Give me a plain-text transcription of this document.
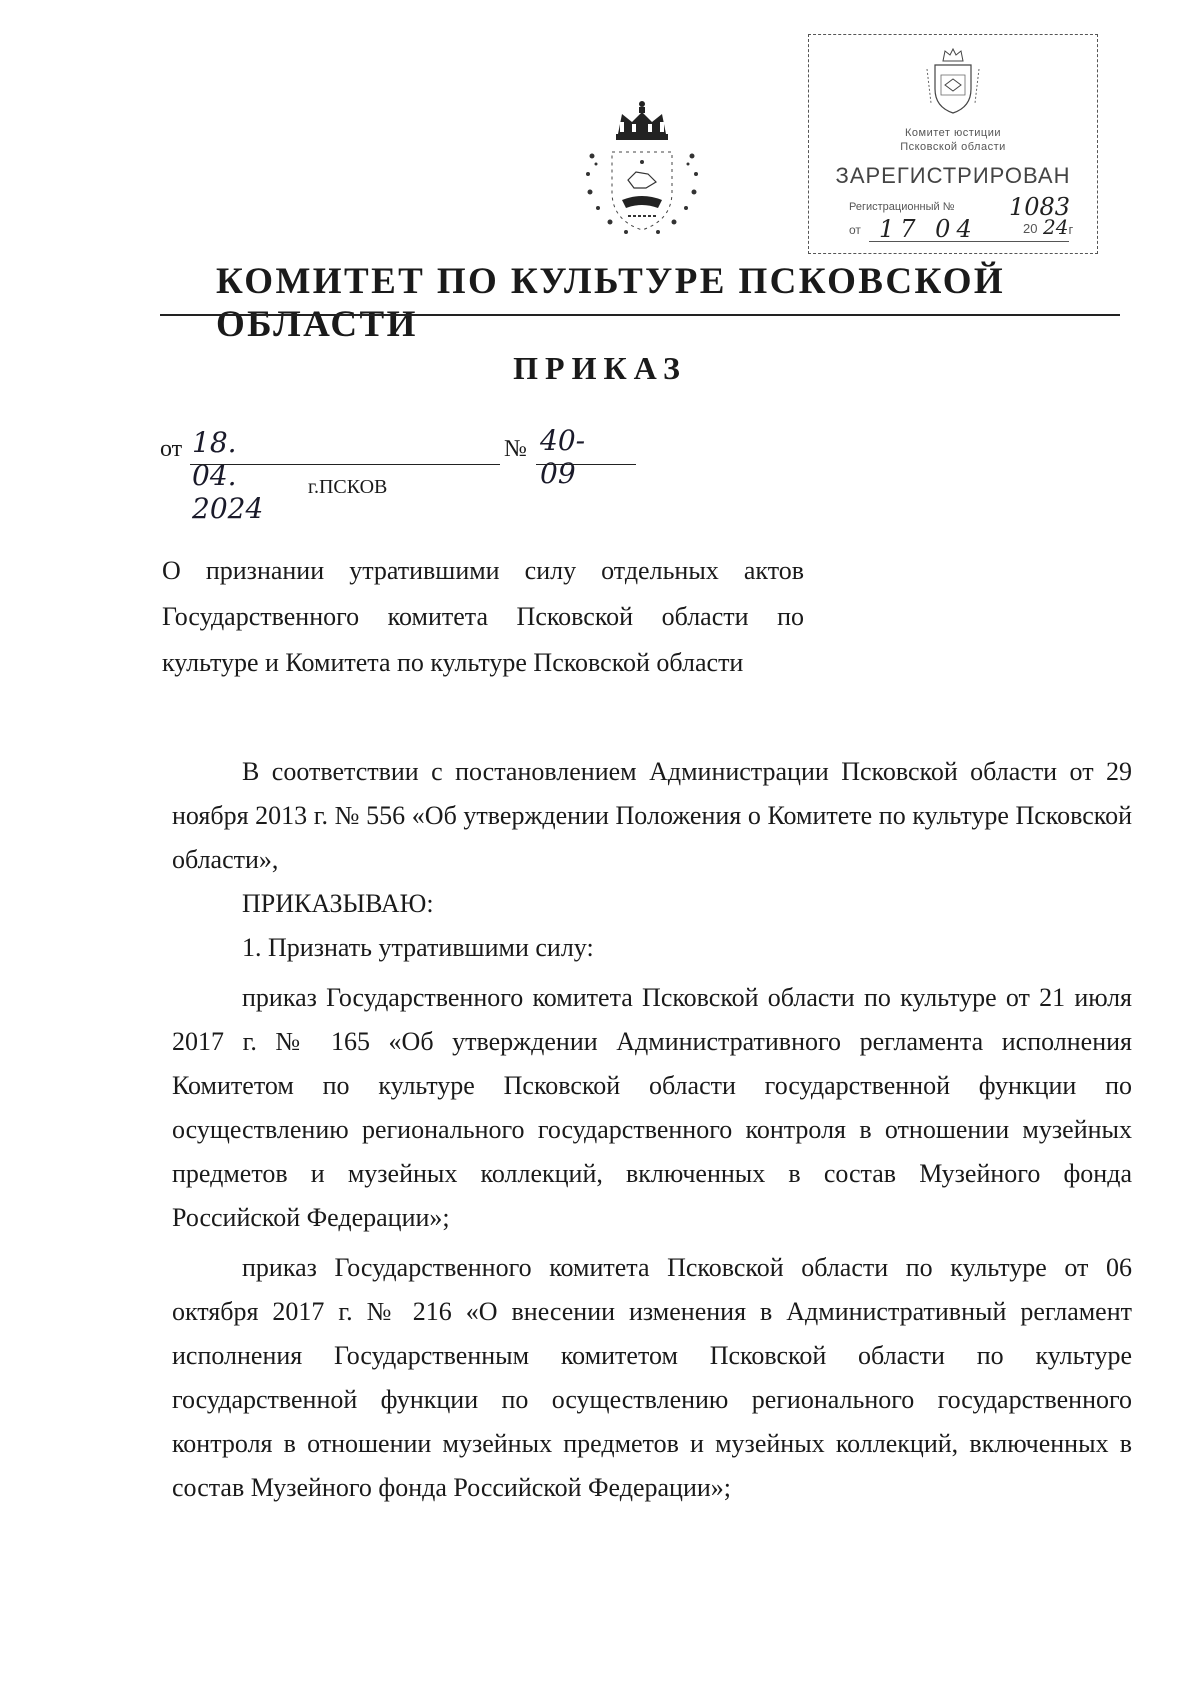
Комитет юстиции
Псковской области
ЗАРЕГИСТРИРОВАН
Регистрационный № 1083
от 17 04	20 24г
КОМИТЕТ ПО КУЛЬТУРЕ ПСКОВСКОЙ ОБЛАСТИ
ПРИКАЗ
от 18. 04. 2024
№ 40-09
г.ПСКОВ
О признании утратившими силу отдельных актов Государственного комитета Псковской области по культуре и Комитета по культуре Псковской области

В соответствии с постановлением Администрации Псковской области от 29 ноября 2013 г. № 556 «Об утверждении Положения о Комитете по культуре Псковской области»,

ПРИКАЗЫВАЮ:

1. Признать утратившими силу:

приказ Государственного комитета Псковской области по культуре от 21 июля 2017 г. № 165 «Об утверждении Административного регламента исполнения Комитетом по культуре Псковской области государственной функции по осуществлению регионального государственного контроля в отношении музейных предметов и музейных коллекций, включенных в состав Музейного фонда Российской Федерации»;

приказ Государственного комитета Псковской области по культуре от 06 октября 2017 г. № 216 «О внесении изменения в Административный регламент исполнения Государственным комитетом Псковской области по культуре государственной функции по осуществлению регионального государственного контроля в отношении музейных предметов и музейных коллекций, включенных в состав Музейного фонда Российской Федерации»;
